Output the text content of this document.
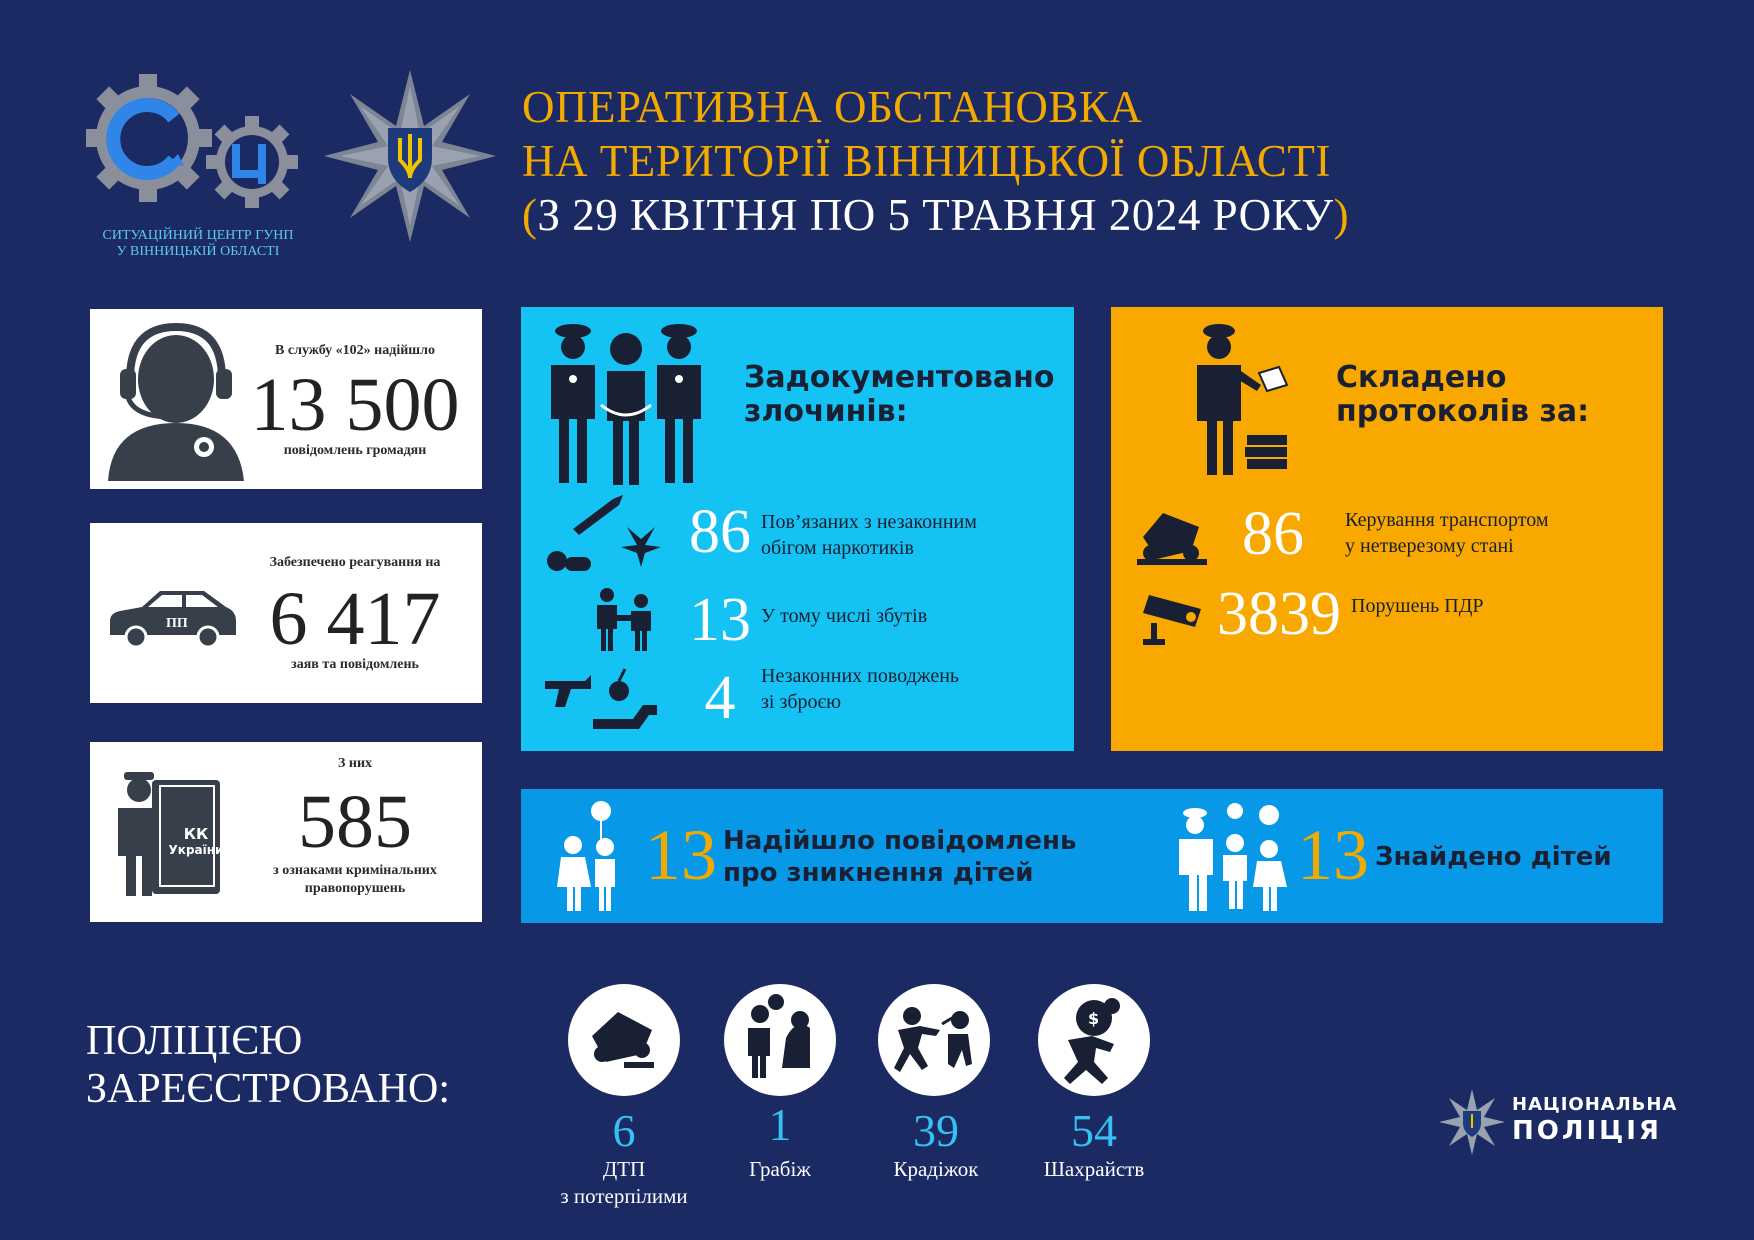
СИТУАЦІЙНИЙ ЦЕНТР ГУНП
У ВІННИЦЬКІЙ ОБЛАСТІ
ОПЕРАТИВНА ОБСТАНОВКА
НА ТЕРИТОРІЇ ВІННИЦЬКОЇ ОБЛАСТІ
(З 29 КВІТНЯ ПО 5 ТРАВНЯ 2024 РОКУ)
В службу «102» надійшло
13 500
повідомлень громадян
ПП
Забезпечено реагування на
6 417
заяв та повідомлень
КК
України
З них
585
з ознаками кримінальних
правопорушень
Задокументовано
злочинів:
86 Пов’язаних з незаконним
обігом наркотиків
13 У тому числі збутів
4	Незаконних поводжень
зі зброєю
Складено
протоколів за:
86	Керування транспортом
у нетверезому стані
3839 Порушень ПДР
13 Надійшло повідомлень
про зникнення дітей	13 Знайдено дітей
ПОЛІЦІЄЮ
ЗАРЕЄСТРОВАНО:
6
ДТП
з потерпілими
1
Грабіж
39
Крадіжок
$
54
Шахрайств
НАЦІОНАЛЬНА
ПОЛІЦІЯ
